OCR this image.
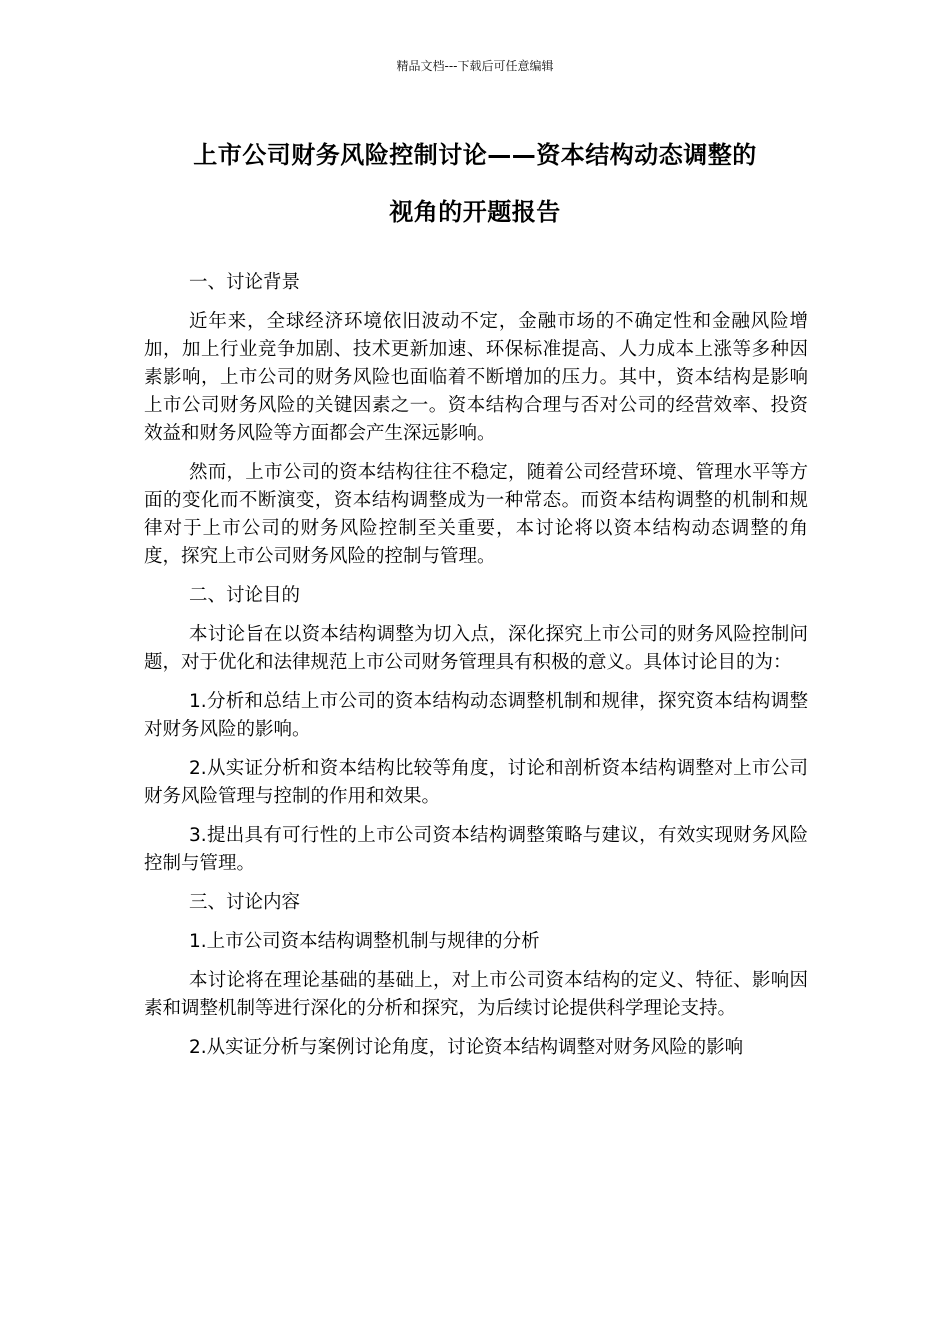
精品文档---下载后可任意编辑
上市公司财务风险控制讨论——资本结构动态调整的
视角的开题报告

一、讨论背景

近年来，全球经济环境依旧波动不定，金融市场的不确定性和金融风险增加，加上行业竞争加剧、技术更新加速、环保标准提高、人力成本上涨等多种因素影响，上市公司的财务风险也面临着不断增加的压力。其中，资本结构是影响上市公司财务风险的关键因素之一。资本结构合理与否对公司的经营效率、投资效益和财务风险等方面都会产生深远影响。

然而，上市公司的资本结构往往不稳定，随着公司经营环境、管理水平等方面的变化而不断演变，资本结构调整成为一种常态。而资本结构调整的机制和规律对于上市公司的财务风险控制至关重要，本讨论将以资本结构动态调整的角度，探究上市公司财务风险的控制与管理。

二、讨论目的

本讨论旨在以资本结构调整为切入点，深化探究上市公司的财务风险控制问题，对于优化和法律规范上市公司财务管理具有积极的意义。具体讨论目的为：

1.分析和总结上市公司的资本结构动态调整机制和规律，探究资本结构调整对财务风险的影响。

2.从实证分析和资本结构比较等角度，讨论和剖析资本结构调整对上市公司财务风险管理与控制的作用和效果。

3.提出具有可行性的上市公司资本结构调整策略与建议，有效实现财务风险控制与管理。

三、讨论内容

1.上市公司资本结构调整机制与规律的分析

本讨论将在理论基础的基础上，对上市公司资本结构的定义、特征、影响因素和调整机制等进行深化的分析和探究，为后续讨论提供科学理论支持。

2.从实证分析与案例讨论角度，讨论资本结构调整对财务风险的影响
